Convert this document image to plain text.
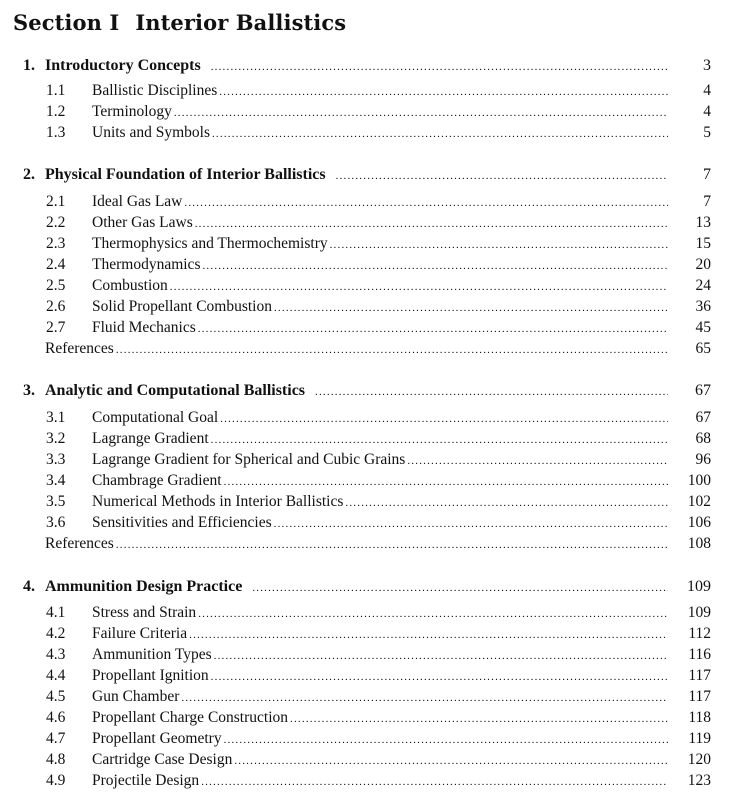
Section I Interior Ballistics
1. Introductory Concepts .....	3
1.1	Ballistic Disciplines .....	4
1.2	Terminology .....	4
1.3	Units and Symbols .....	5
2. Physical Foundation of Interior Ballistics .....	7
2.1	Ideal Gas Law .....	7
2.2	Other Gas Laws .....	13
2.3	Thermophysics and Thermochemistry .....	15
2.4	Thermodynamics .....	20
2.5	Combustion .....	24
2.6	Solid Propellant Combustion .....	36
2.7	Fluid Mechanics .....	45
References .....	65
3. Analytic and Computational Ballistics .....	67
3.1	Computational Goal .....	67
3.2	Lagrange Gradient .....	68
3.3	Lagrange Gradient for Spherical and Cubic Grains .....	96
3.4	Chambrage Gradient .....	100
3.5	Numerical Methods in Interior Ballistics .....	102
3.6	Sensitivities and Efficiencies .....	106
References .....	108
4. Ammunition Design Practice .....	109
4.1	Stress and Strain .....	109
4.2	Failure Criteria .....	112
4.3	Ammunition Types .....	116
4.4	Propellant Ignition .....	117
4.5	Gun Chamber .....	117
4.6	Propellant Charge Construction .....	118
4.7	Propellant Geometry .....	119
4.8	Cartridge Case Design .....	120
4.9	Projectile Design .....	123
